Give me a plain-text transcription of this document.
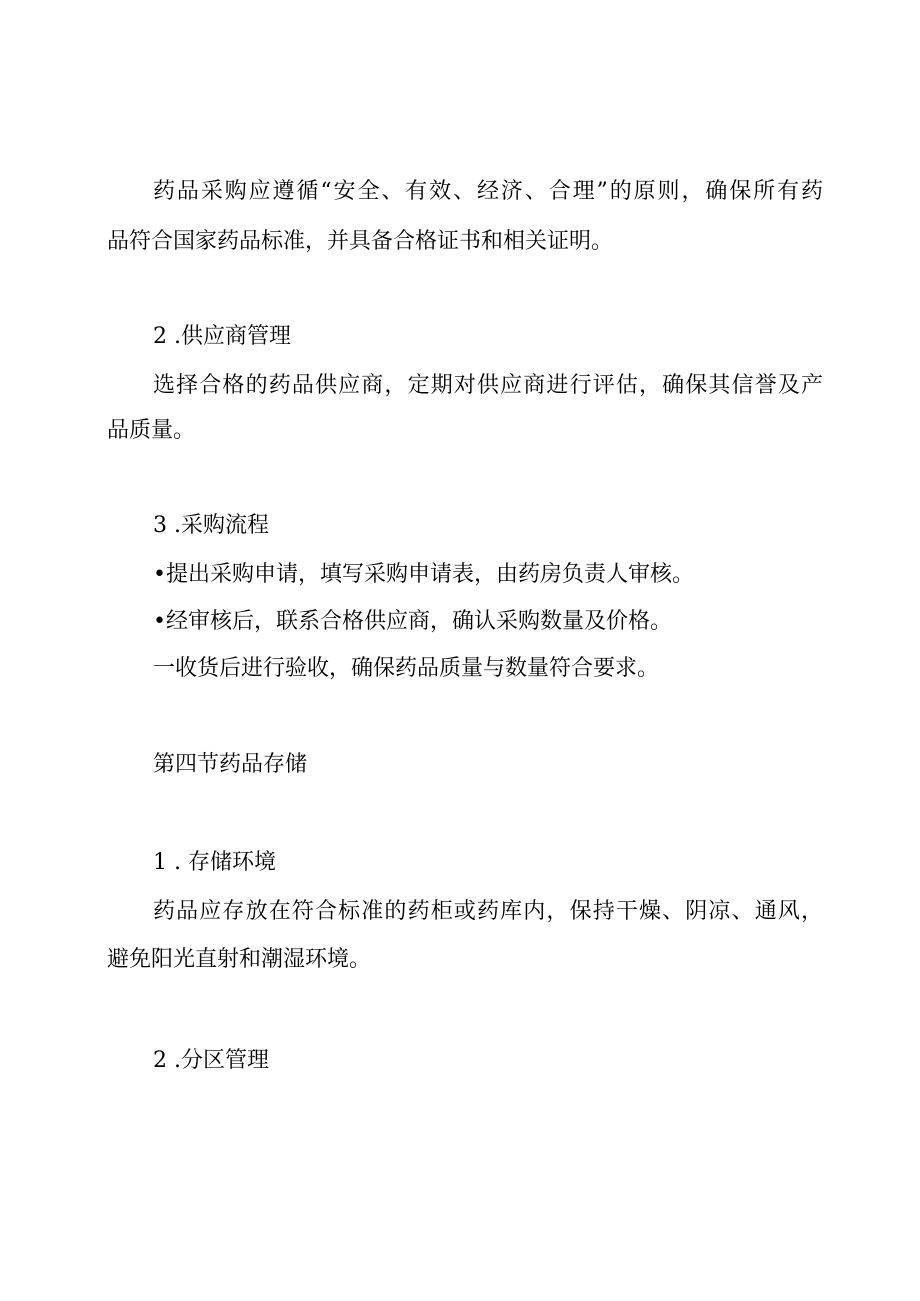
药品采购应遵循“安全、有效、经济、合理”的原则，确保所有药

品符合国家药品标准，并具备合格证书和相关证明。

2 .供应商管理

选择合格的药品供应商，定期对供应商进行评估，确保其信誉及产

品质量。

3 .采购流程

•提出采购申请，填写采购申请表，由药房负责人审核。

•经审核后，联系合格供应商，确认采购数量及价格。

一收货后进行验收，确保药品质量与数量符合要求。

第四节药品存储

1 . 存储环境

药品应存放在符合标准的药柜或药库内，保持干燥、阴凉、通风，

避免阳光直射和潮湿环境。

2 .分区管理
